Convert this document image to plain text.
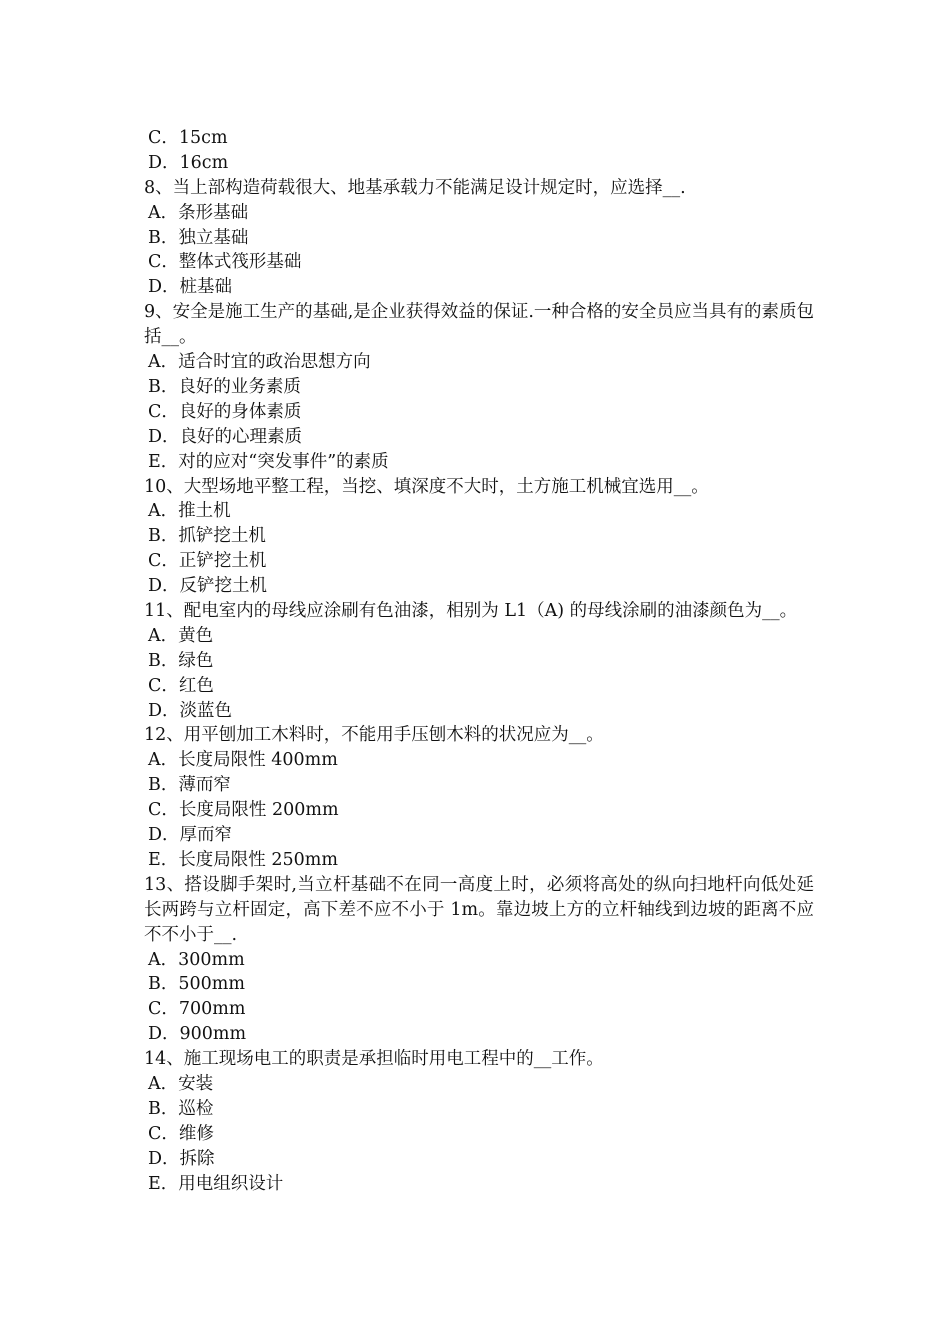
C．15cm
D．16cm
8、当上部构造荷载很大、地基承载力不能满足设计规定时，应选择__.
A．条形基础
B．独立基础
C．整体式筏形基础
D．桩基础
9、安全是施工生产的基础,是企业获得效益的保证.一种合格的安全员应当具有的素质包括__。
A．适合时宜的政治思想方向
B．良好的业务素质
C．良好的身体素质
D．良好的心理素质
E．对的应对“突发事件”的素质
10、大型场地平整工程，当挖、填深度不大时，土方施工机械宜选用__。
A．推土机
B．抓铲挖土机
C．正铲挖土机
D．反铲挖土机
11、配电室内的母线应涂刷有色油漆，相别为 L1（A) 的母线涂刷的油漆颜色为__。
A．黄色
B．绿色
C．红色
D．淡蓝色
12、用平刨加工木料时，不能用手压刨木料的状况应为__。
A．长度局限性 400mm
B．薄而窄
C．长度局限性 200mm
D．厚而窄
E．长度局限性 250mm
13、搭设脚手架时,当立杆基础不在同一高度上时，必须将高处的纵向扫地杆向低处延长两跨与立杆固定，高下差不应不小于 1m。靠边坡上方的立杆轴线到边坡的距离不应不不小于__.
A．300mm
B．500mm
C．700mm
D．900mm
14、施工现场电工的职责是承担临时用电工程中的__工作。
A．安装
B．巡检
C．维修
D．拆除
E．用电组织设计
